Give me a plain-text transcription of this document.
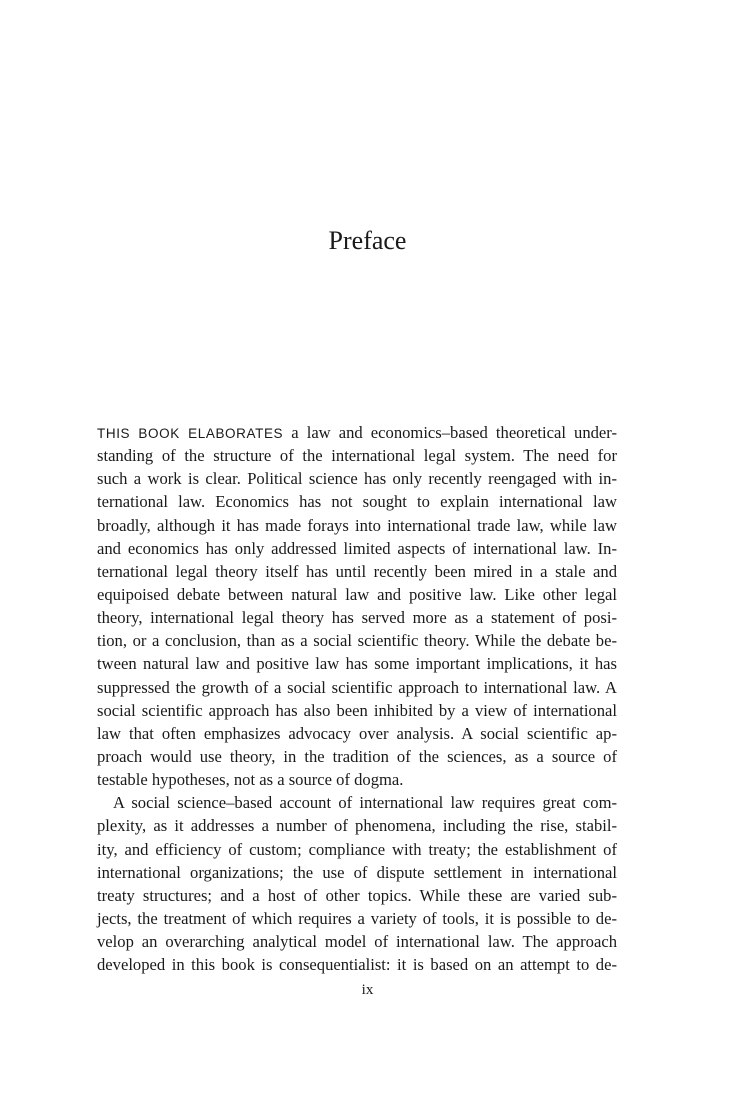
Preface
THIS BOOK ELABORATES a law and economics–based theoretical under-
standing of the structure of the international legal system. The need for
such a work is clear. Political science has only recently reengaged with in-
ternational law. Economics has not sought to explain international law
broadly, although it has made forays into international trade law, while law
and economics has only addressed limited aspects of international law. In-
ternational legal theory itself has until recently been mired in a stale and
equipoised debate between natural law and positive law. Like other legal
theory, international legal theory has served more as a statement of posi-
tion, or a conclusion, than as a social scientific theory. While the debate be-
tween natural law and positive law has some important implications, it has
suppressed the growth of a social scientific approach to international law. A
social scientific approach has also been inhibited by a view of international
law that often emphasizes advocacy over analysis. A social scientific ap-
proach would use theory, in the tradition of the sciences, as a source of
testable hypotheses, not as a source of dogma.
A social science–based account of international law requires great com-
plexity, as it addresses a number of phenomena, including the rise, stabil-
ity, and efficiency of custom; compliance with treaty; the establishment of
international organizations; the use of dispute settlement in international
treaty structures; and a host of other topics. While these are varied sub-
jects, the treatment of which requires a variety of tools, it is possible to de-
velop an overarching analytical model of international law. The approach
developed in this book is consequentialist: it is based on an attempt to de-
ix
